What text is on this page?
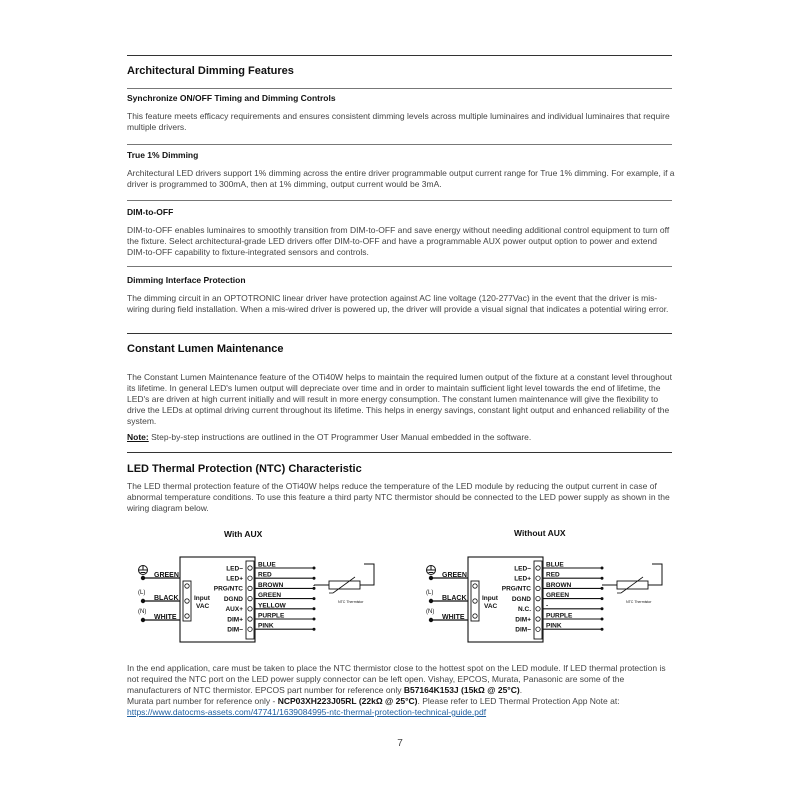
Architectural Dimming Features
Synchronize ON/OFF Timing and Dimming Controls

This feature meets efficacy requirements and ensures consistent dimming levels across multiple luminaires and individual luminaires that require multiple drivers.

True 1% Dimming

Architectural LED drivers support 1% dimming across the entire driver programmable output current range for True 1% dimming. For example, if a driver is programmed to 300mA, then at 1% dimming, output current would be 3mA.

DIM-to-OFF

DIM-to-OFF enables luminaires to smoothly transition from DIM-to-OFF and save energy without needing additional control equipment to turn off the fixture. Select architectural-grade LED drivers offer DIM-to-OFF and have a programmable AUX power output option to power and extend DIM-to-OFF capability to fixture-integrated sensors and controls.

Dimming Interface Protection

The dimming circuit in an OPTOTRONIC linear driver have protection against AC line voltage (120-277Vac) in the event that the driver is mis-wiring during field installation. When a mis-wired driver is powered up, the driver will provide a visual signal that indicates a potential wiring error.

Constant Lumen Maintenance

The Constant Lumen Maintenance feature of the OTi40W helps to maintain the required lumen output of the fixture at a constant level throughout its lifetime. In general LED's lumen output will depreciate over time and in order to maintain sufficient light level towards the end of lifetime, the LED's are driven at high current initially and will result in more energy consumption. The constant lumen maintenance will give the flexibility to drive the LEDs at optimal driving current throughout its lifetime. This helps in energy savings, constant light output and enhanced reliability of the system.

Note: Step-by-step instructions are outlined in the OT Programmer User Manual embedded in the software.

LED Thermal Protection (NTC) Characteristic

The LED thermal protection feature of the OTi40W helps reduce the temperature of the LED module by reducing the output current in case of abnormal temperature conditions. To use this feature a third party NTC thermistor should be connected to the LED power supply as shown in the wiring diagram below.

With AUX	Without AUX
(L)
(N)
GREEN
BLACK
WHITE
Input
VAC
LED−
BLUE
LED+
RED
PRG/NTC
BROWN
DGND
GREEN
AUX+
YELLOW
DIM+
PURPLE
DIM−
PINK
NTC Thermistor
(L)
(N)
GREEN
BLACK
WHITE
Input
VAC
LED−
BLUE
LED+
RED
PRG/NTC
BROWN
DGND
GREEN
N.C.
-
DIM+
PURPLE
DIM−
PINK
NTC Thermistor

In the end application, care must be taken to place the NTC thermistor close to the hottest spot on the LED module. If LED thermal protection is not required the NTC port on the LED power supply connector can be left open. Vishay, EPCOS, Murata, Panasonic are some of the manufacturers of NTC thermistor. EPCOS part number for reference only B57164K153J (15kΩ @ 25°C).
Murata part number for reference only - NCP03XH223J05RL (22kΩ @ 25°C). Please refer to LED Thermal Protection App Note at:
https://www.datocms-assets.com/47741/1639084995-ntc-thermal-protection-technical-guide.pdf

7
